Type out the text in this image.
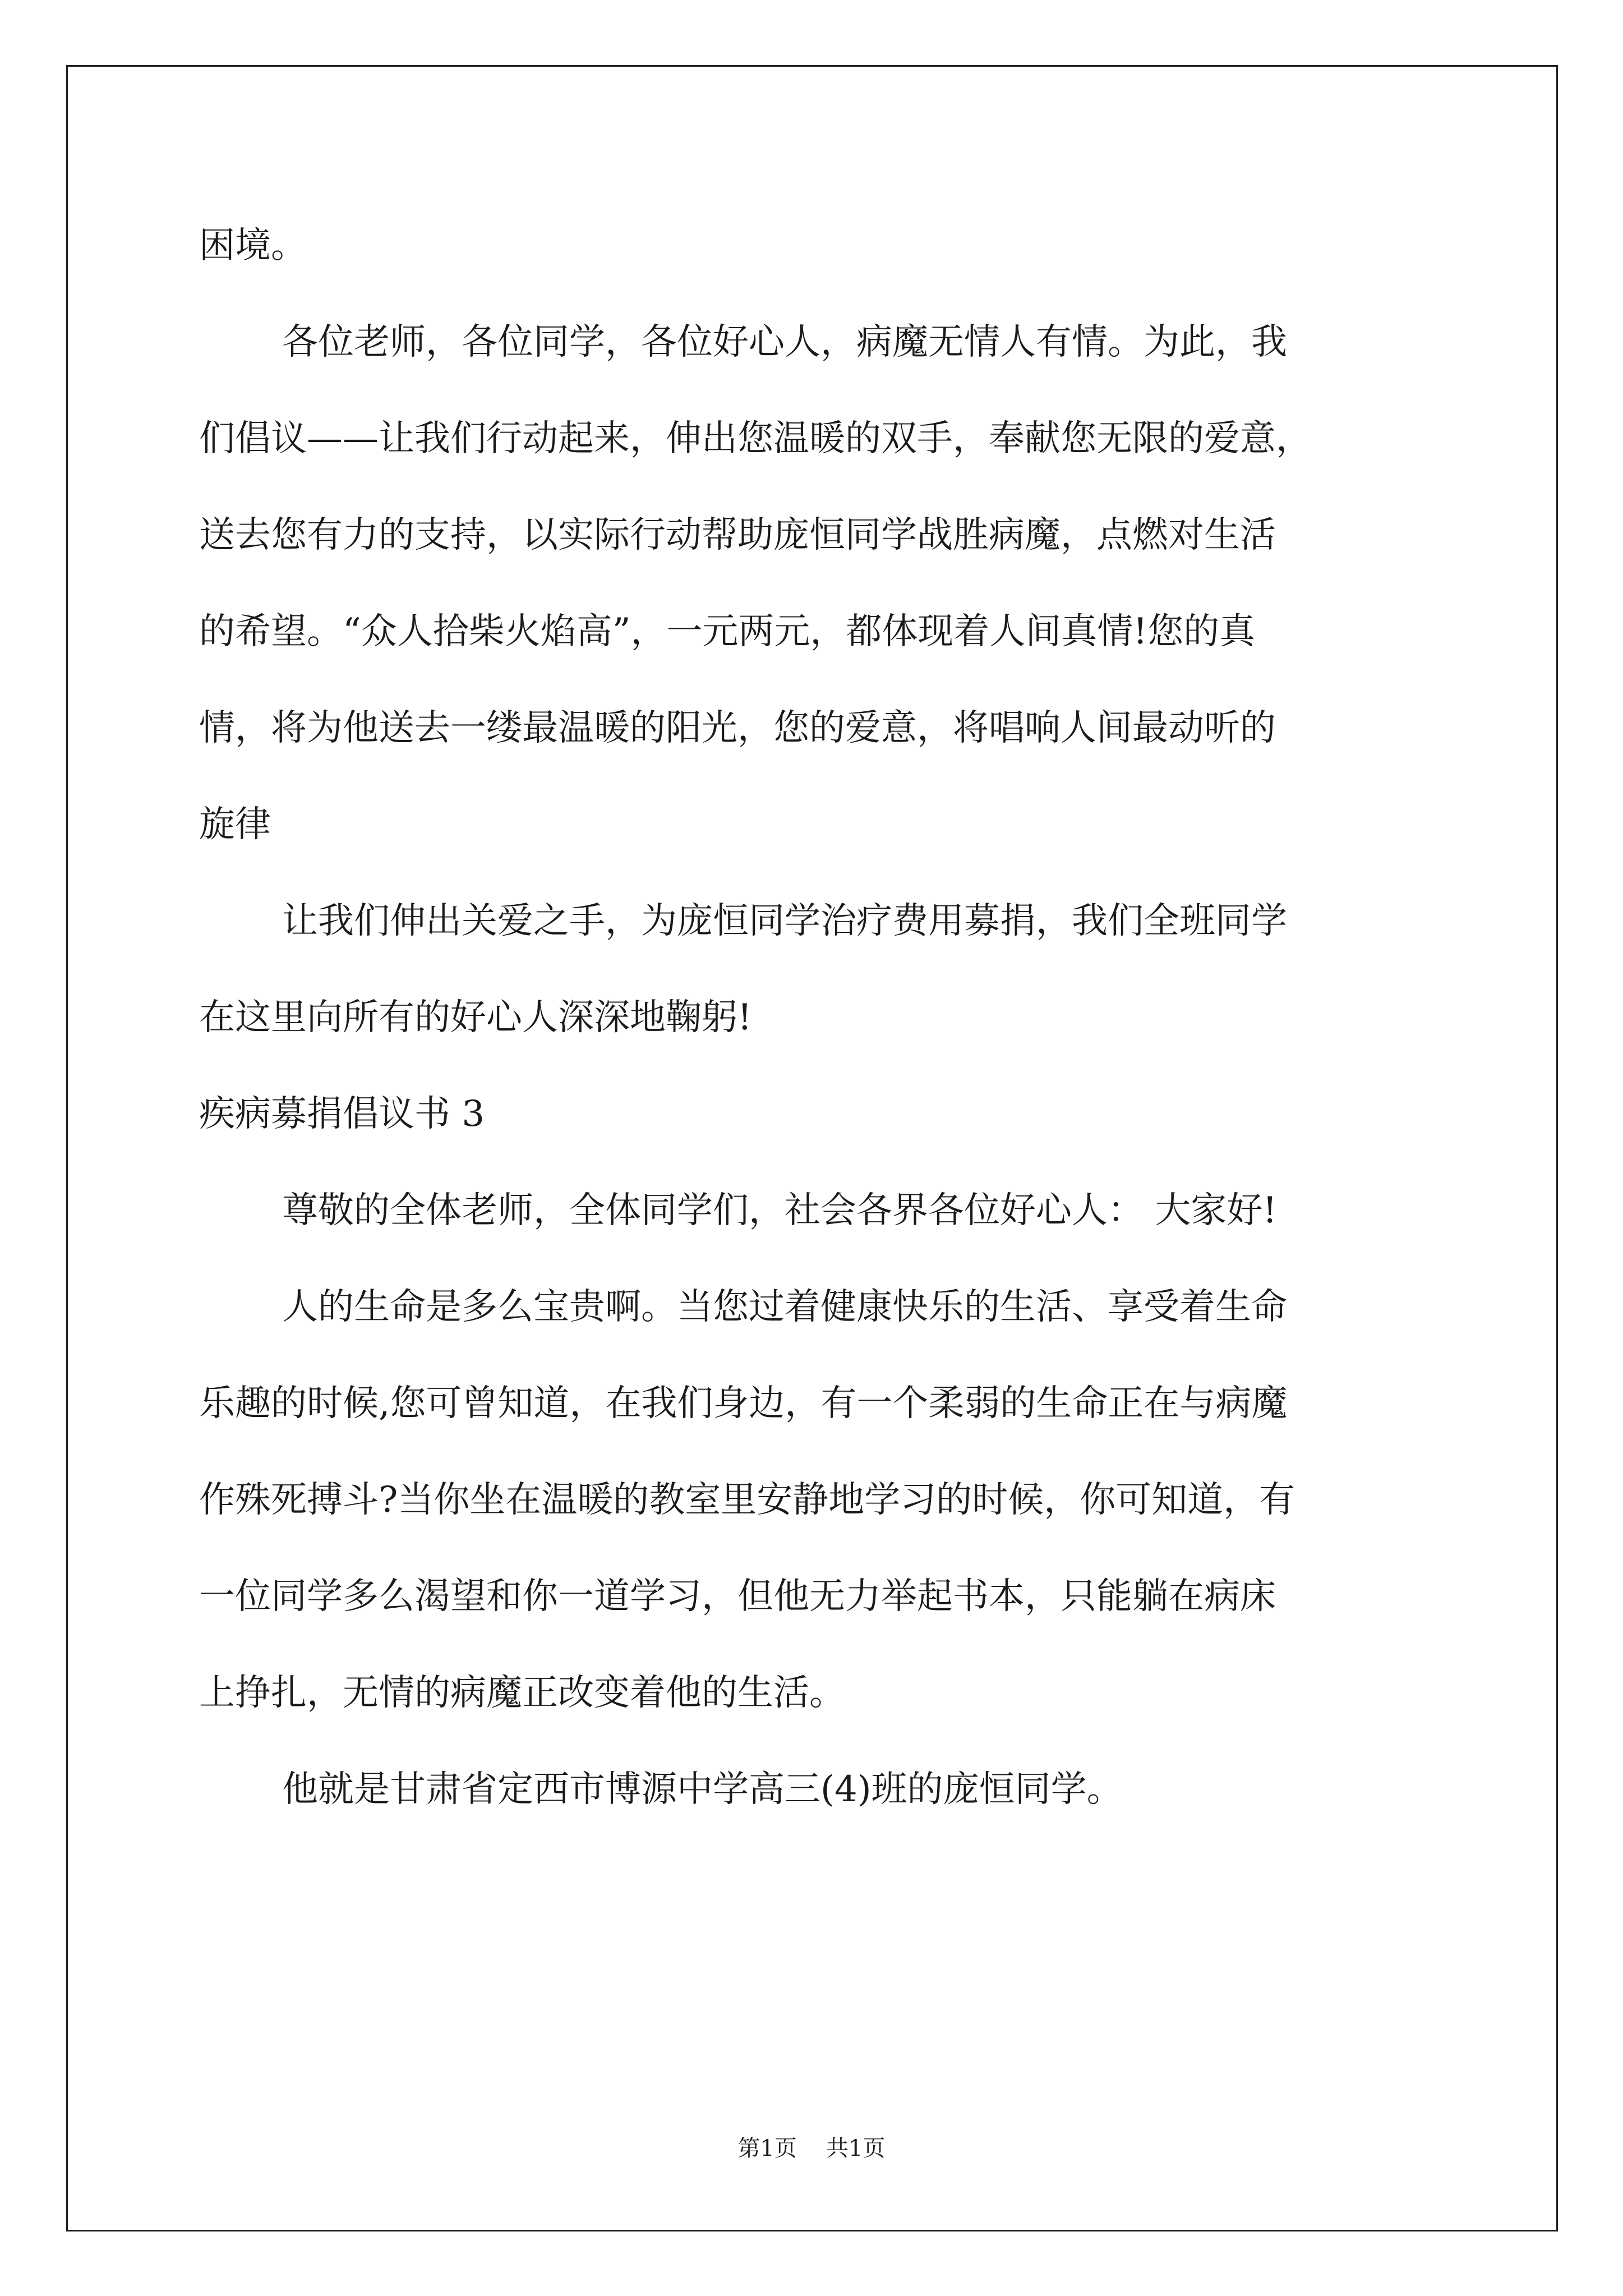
困境。
各位老师，各位同学，各位好心人，病魔无情人有情。为此，我
们倡议——让我们行动起来，伸出您温暖的双手，奉献您无限的爱意，
送去您有力的支持，以实际行动帮助庞恒同学战胜病魔，点燃对生活
的希望。“众人拾柴火焰高”，一元两元，都体现着人间真情!您的真
情，将为他送去一缕最温暖的阳光，您的爱意，将唱响人间最动听的
旋律
让我们伸出关爱之手，为庞恒同学治疗费用募捐，我们全班同学
在这里向所有的好心人深深地鞠躬!
疾病募捐倡议书 3
尊敬的全体老师，全体同学们，社会各界各位好心人： 大家好!
人的生命是多么宝贵啊。当您过着健康快乐的生活、享受着生命
乐趣的时候,您可曾知道，在我们身边，有一个柔弱的生命正在与病魔
作殊死搏斗?当你坐在温暖的教室里安静地学习的时候，你可知道，有
一位同学多么渴望和你一道学习，但他无力举起书本，只能躺在病床
上挣扎，无情的病魔正改变着他的生活。
他就是甘肃省定西市博源中学高三(4)班的庞恒同学。
第1页 共1页
